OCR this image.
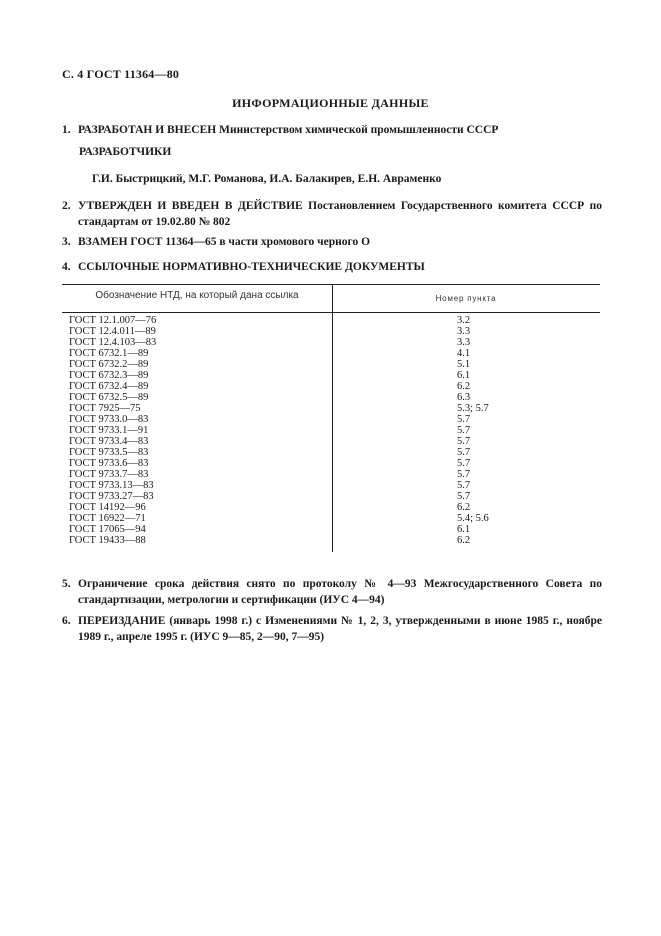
С. 4 ГОСТ 11364—80
ИНФОРМАЦИОННЫЕ ДАННЫЕ
1. РАЗРАБОТАН И ВНЕСЕН Министерством химической промышленности СССР
РАЗРАБОТЧИКИ
Г.И. Быстрицкий, М.Г. Романова, И.А. Балакирев, Е.Н. Авраменко
2. УТВЕРЖДЕН И ВВЕДЕН В ДЕЙСТВИЕ Постановлением Государственного комитета СССР по стандартам от 19.02.80 № 802
3. ВЗАМЕН ГОСТ 11364—65 в части хромового черного О
4. ССЫЛОЧНЫЕ НОРМАТИВНО-ТЕХНИЧЕСКИЕ ДОКУМЕНТЫ
Обозначение НТД, на который дана ссылка	Номер пункта
ГОСТ 12.1.007—76	3.2
ГОСТ 12.4.011—89	3.3
ГОСТ 12.4.103—83	3.3
ГОСТ 6732.1—89	4.1
ГОСТ 6732.2—89	5.1
ГОСТ 6732.3—89	6.1
ГОСТ 6732.4—89	6.2
ГОСТ 6732.5—89	6.3
ГОСТ 7925—75	5.3; 5.7
ГОСТ 9733.0—83	5.7
ГОСТ 9733.1—91	5.7
ГОСТ 9733.4—83	5.7
ГОСТ 9733.5—83	5.7
ГОСТ 9733.6—83	5.7
ГОСТ 9733.7—83	5.7
ГОСТ 9733.13—83	5.7
ГОСТ 9733.27—83	5.7
ГОСТ 14192—96	6.2
ГОСТ 16922—71	5.4; 5.6
ГОСТ 17065—94	6.1
ГОСТ 19433—88	6.2
5. Ограничение срока действия снято по протоколу № 4—93 Межгосударственного Совета по стандартизации, метрологии и сертификации (ИУС 4—94)
6. ПЕРЕИЗДАНИЕ (январь 1998 г.) с Изменениями № 1, 2, 3, утвержденными в июне 1985 г., ноябре 1989 г., апреле 1995 г. (ИУС 9—85, 2—90, 7—95)
